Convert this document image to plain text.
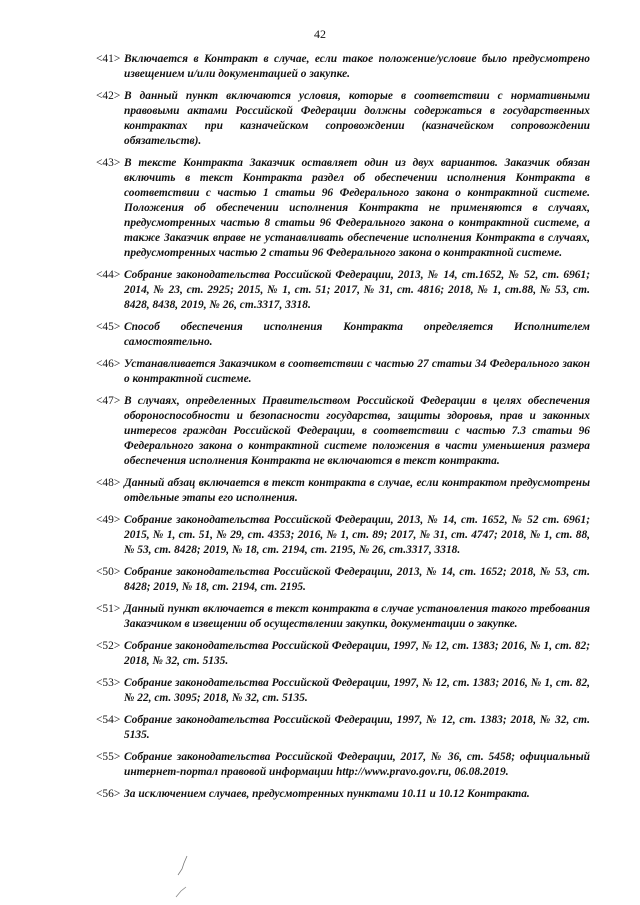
42
<41> Включается в Контракт в случае, если такое положение/условие было предусмотрено извещением и/или документацией о закупке.
<42> В данный пункт включаются условия, которые в соответствии с нормативными правовыми актами Российской Федерации должны содержаться в государственных контрактах при казначейском сопровождении (казначейском сопровождении обязательств).
<43> В тексте Контракта Заказчик оставляет один из двух вариантов. Заказчик обязан включить в текст Контракта раздел об обеспечении исполнения Контракта в соответствии с частью 1 статьи 96 Федерального закона о контрактной системе. Положения об обеспечении исполнения Контракта не применяются в случаях, предусмотренных частью 8 статьи 96 Федерального закона о контрактной системе, а также Заказчик вправе не устанавливать обеспечение исполнения Контракта в случаях, предусмотренных частью 2 статьи 96 Федерального закона о контрактной системе.
<44> Собрание законодательства Российской Федерации, 2013, № 14, ст.1652, № 52, ст. 6961; 2014, № 23, ст. 2925; 2015, № 1, ст. 51; 2017, № 31, ст. 4816; 2018, № 1, ст.88, № 53, ст. 8428, 8438, 2019, № 26, ст.3317, 3318.
<45> Способ обеспечения исполнения Контракта определяется Исполнителем самостоятельно.
<46> Устанавливается Заказчиком в соответствии с частью 27 статьи 34 Федерального закон о контрактной системе.
<47> В случаях, определенных Правительством Российской Федерации в целях обеспечения обороноспособности и безопасности государства, защиты здоровья, прав и законных интересов граждан Российской Федерации, в соответствии с частью 7.3 статьи 96 Федерального закона о контрактной системе положения в части уменьшения размера обеспечения исполнения Контракта не включаются в текст контракта.
<48> Данный абзац включается в текст контракта в случае, если контрактом предусмотрены отдельные этапы его исполнения.
<49> Собрание законодательства Российской Федерации, 2013, № 14, ст. 1652, № 52 ст. 6961; 2015, № 1, ст. 51, № 29, ст. 4353; 2016, № 1, ст. 89; 2017, № 31, ст. 4747; 2018, № 1, ст. 88, № 53, ст. 8428; 2019, № 18, ст. 2194, ст. 2195, № 26, ст.3317, 3318.
<50> Собрание законодательства Российской Федерации, 2013, № 14, ст. 1652; 2018, № 53, ст. 8428; 2019, № 18, ст. 2194, ст. 2195.
<51> Данный пункт включается в текст контракта в случае установления такого требования Заказчиком в извещении об осуществлении закупки, документации о закупке.
<52> Собрание законодательства Российской Федерации, 1997, № 12, ст. 1383; 2016, № 1, ст. 82; 2018, № 32, ст. 5135.
<53> Собрание законодательства Российской Федерации, 1997, № 12, ст. 1383; 2016, № 1, ст. 82, № 22, ст. 3095; 2018, № 32, ст. 5135.
<54> Собрание законодательства Российской Федерации, 1997, № 12, ст. 1383; 2018, № 32, ст. 5135.
<55> Собрание законодательства Российской Федерации, 2017, № 36, ст. 5458; официальный интернет-портал правовой информации http://www.pravo.gov.ru, 06.08.2019.
<56> За исключением случаев, предусмотренных пунктами 10.11 и 10.12 Контракта.
